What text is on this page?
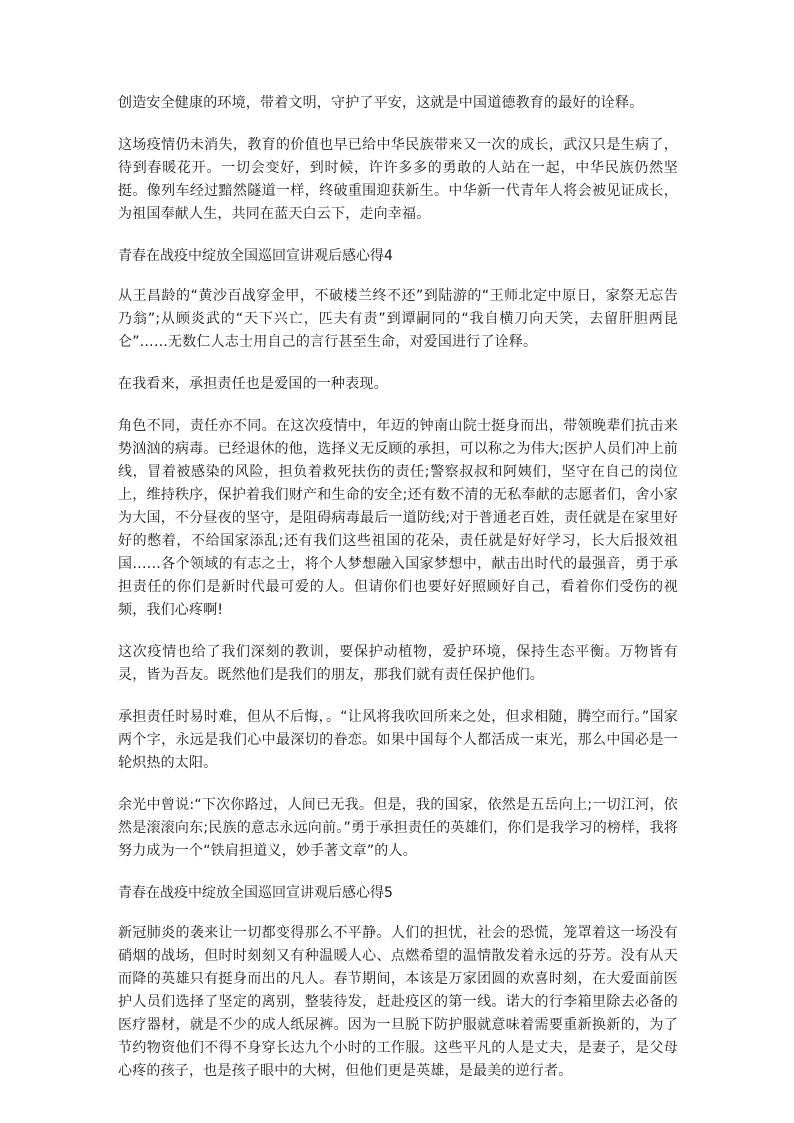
创造安全健康的环境，带着文明，守护了平安，这就是中国道德教育的最好的诠释。

这场疫情仍未消失，教育的价值也早已给中华民族带来又一次的成长，武汉只是生病了，待到春暖花开。一切会变好，到时候，许许多多的勇敢的人站在一起，中华民族仍然坚挺。像列车经过黯然隧道一样，终破重围迎获新生。中华新一代青年人将会被见证成长，为祖国奉献人生，共同在蓝天白云下，走向幸福。

青春在战疫中绽放全国巡回宣讲观后感心得4

从王昌龄的“黄沙百战穿金甲，不破楼兰终不还”到陆游的“王师北定中原日，家祭无忘告乃翁”;从顾炎武的“天下兴亡，匹夫有责”到谭嗣同的“我自横刀向天笑，去留肝胆两昆仑”……无数仁人志士用自己的言行甚至生命，对爱国进行了诠释。

在我看来，承担责任也是爱国的一种表现。

角色不同，责任亦不同。在这次疫情中，年迈的钟南山院士挺身而出，带领晚辈们抗击来势汹汹的病毒。已经退休的他，选择义无反顾的承担，可以称之为伟大;医护人员们冲上前线，冒着被感染的风险，担负着救死扶伤的责任;警察叔叔和阿姨们，坚守在自己的岗位上，维持秩序，保护着我们财产和生命的安全;还有数不清的无私奉献的志愿者们，舍小家为大国，不分昼夜的坚守，是阻碍病毒最后一道防线;对于普通老百姓，责任就是在家里好好的憋着，不给国家添乱;还有我们这些祖国的花朵，责任就是好好学习，长大后报效祖国‥‥‥各个领域的有志之士，将个人梦想融入国家梦想中，献击出时代的最强音，勇于承担责任的你们是新时代最可爱的人。但请你们也要好好照顾好自己，看着你们受伤的视频，我们心疼啊!

这次疫情也给了我们深刻的教训，要保护动植物，爱护环境，保持生态平衡。万物皆有灵，皆为吾友。既然他们是我们的朋友，那我们就有责任保护他们。

承担责任时易时难，但从不后悔，。“让风将我吹回所来之处，但求相随，腾空而行。”国家两个字，永远是我们心中最深切的眷恋。如果中国每个人都活成一束光，那么中国必是一轮炽热的太阳。

余光中曾说:“下次你路过，人间已无我。但是，我的国家，依然是五岳向上;一切江河，依然是滚滚向东;民族的意志永远向前。”勇于承担责任的英雄们，你们是我学习的榜样，我将努力成为一个“铁肩担道义，妙手著文章”的人。

青春在战疫中绽放全国巡回宣讲观后感心得5

新冠肺炎的袭来让一切都变得那么不平静。人们的担忧，社会的恐慌，笼罩着这一场没有硝烟的战场，但时时刻刻又有种温暖人心、点燃希望的温情散发着永远的芬芳。没有从天而降的英雄只有挺身而出的凡人。春节期间，本该是万家团圆的欢喜时刻，在大爱面前医护人员们选择了坚定的离别，整装待发，赶赴疫区的第一线。诺大的行李箱里除去必备的医疗器材，就是不少的成人纸尿裤。因为一旦脱下防护服就意味着需要重新换新的，为了节约物资他们不得不身穿长达九个小时的工作服。这些平凡的人是丈夫，是妻子，是父母心疼的孩子，也是孩子眼中的大树，但他们更是英雄，是最美的逆行者。
